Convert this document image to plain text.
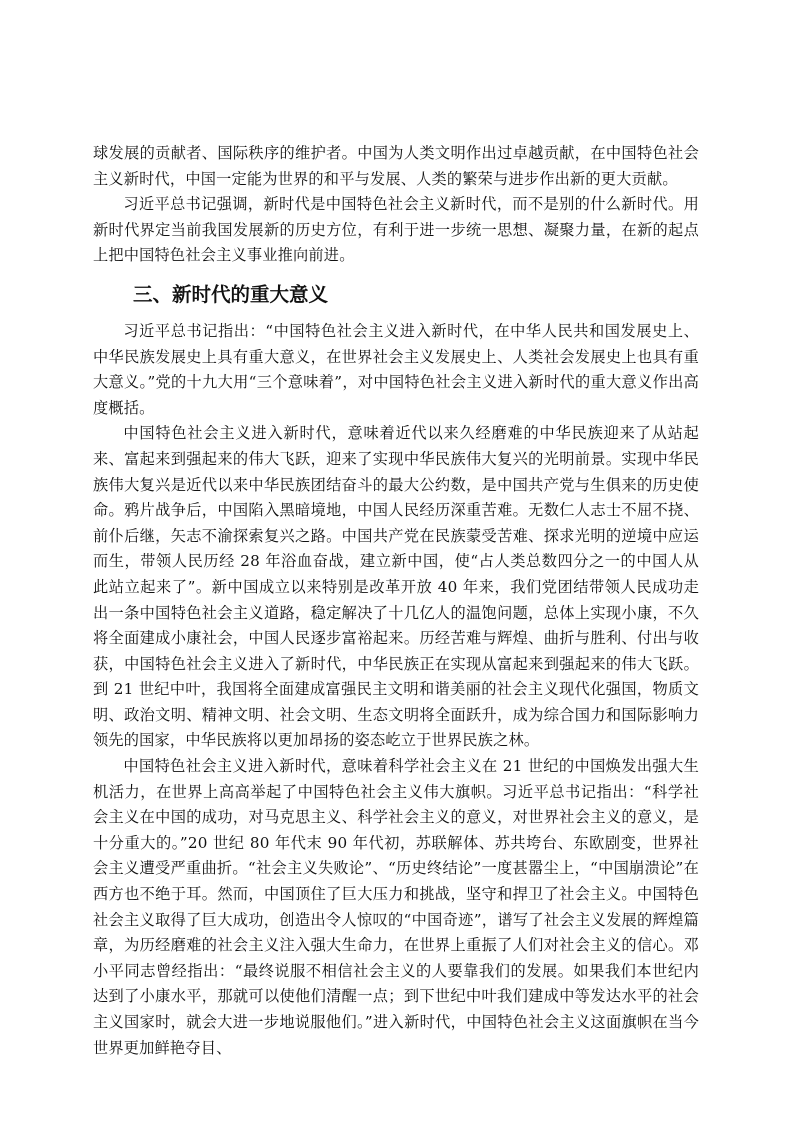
球发展的贡献者、国际秩序的维护者。中国为人类文明作出过卓越贡献，在中国特色社会主义新时代，中国一定能为世界的和平与发展、人类的繁荣与进步作出新的更大贡献。

习近平总书记强调，新时代是中国特色社会主义新时代，而不是别的什么新时代。用新时代界定当前我国发展新的历史方位，有利于进一步统一思想、凝聚力量，在新的起点上把中国特色社会主义事业推向前进。

三、新时代的重大意义

习近平总书记指出：“中国特色社会主义进入新时代，在中华人民共和国发展史上、中华民族发展史上具有重大意义，在世界社会主义发展史上、人类社会发展史上也具有重大意义。”党的十九大用“三个意味着”，对中国特色社会主义进入新时代的重大意义作出高度概括。

中国特色社会主义进入新时代，意味着近代以来久经磨难的中华民族迎来了从站起来、富起来到强起来的伟大飞跃，迎来了实现中华民族伟大复兴的光明前景。实现中华民族伟大复兴是近代以来中华民族团结奋斗的最大公约数，是中国共产党与生俱来的历史使命。鸦片战争后，中国陷入黑暗境地，中国人民经历深重苦难。无数仁人志士不屈不挠、前仆后继，矢志不渝探索复兴之路。中国共产党在民族蒙受苦难、探求光明的逆境中应运而生，带领人民历经 28 年浴血奋战，建立新中国，使“占人类总数四分之一的中国人从此站立起来了”。新中国成立以来特别是改革开放 40 年来，我们党团结带领人民成功走出一条中国特色社会主义道路，稳定解决了十几亿人的温饱问题，总体上实现小康，不久将全面建成小康社会，中国人民逐步富裕起来。历经苦难与辉煌、曲折与胜利、付出与收获，中国特色社会主义进入了新时代，中华民族正在实现从富起来到强起来的伟大飞跃。到 21 世纪中叶，我国将全面建成富强民主文明和谐美丽的社会主义现代化强国，物质文明、政治文明、精神文明、社会文明、生态文明将全面跃升，成为综合国力和国际影响力领先的国家，中华民族将以更加昂扬的姿态屹立于世界民族之林。

中国特色社会主义进入新时代，意味着科学社会主义在 21 世纪的中国焕发出强大生机活力，在世界上高高举起了中国特色社会主义伟大旗帜。习近平总书记指出：“科学社会主义在中国的成功，对马克思主义、科学社会主义的意义，对世界社会主义的意义，是十分重大的。”20 世纪 80 年代末 90 年代初，苏联解体、苏共垮台、东欧剧变，世界社会主义遭受严重曲折。“社会主义失败论”、“历史终结论”一度甚嚣尘上，“中国崩溃论”在西方也不绝于耳。然而，中国顶住了巨大压力和挑战，坚守和捍卫了社会主义。中国特色社会主义取得了巨大成功，创造出令人惊叹的“中国奇迹”，谱写了社会主义发展的辉煌篇章，为历经磨难的社会主义注入强大生命力，在世界上重振了人们对社会主义的信心。邓小平同志曾经指出：“最终说服不相信社会主义的人要靠我们的发展。如果我们本世纪内达到了小康水平，那就可以使他们清醒一点；到下世纪中叶我们建成中等发达水平的社会主义国家时，就会大进一步地说服他们。”进入新时代，中国特色社会主义这面旗帜在当今世界更加鲜艳夺目、
